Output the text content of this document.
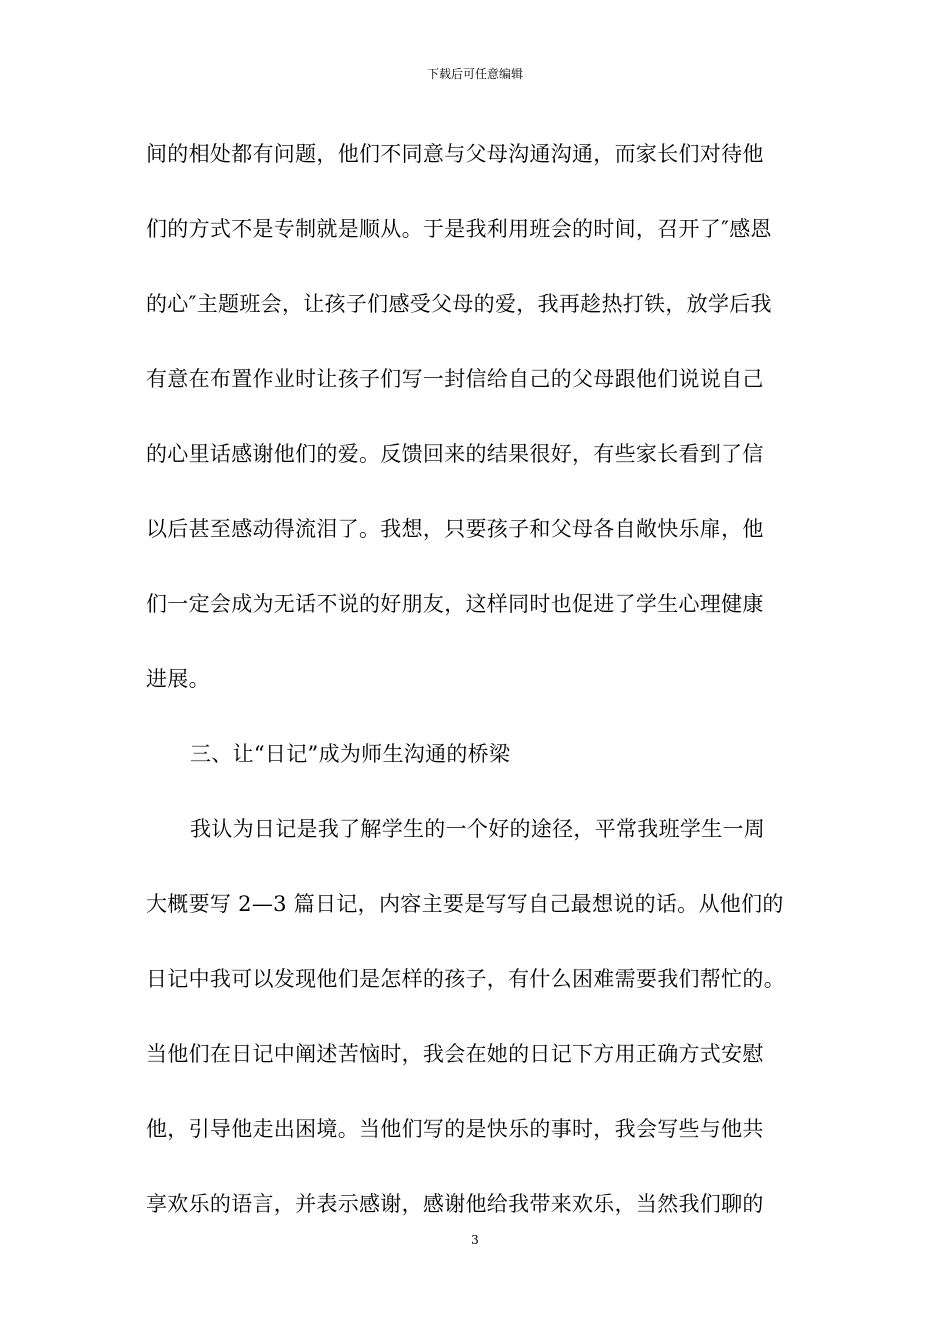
下载后可任意编辑
间的相处都有问题，他们不同意与父母沟通沟通，而家长们对待他
们的方式不是专制就是顺从。于是我利用班会的时间，召开了″感恩
的心″主题班会，让孩子们感受父母的爱，我再趁热打铁，放学后我
有意在布置作业时让孩子们写一封信给自己的父母跟他们说说自己
的心里话感谢他们的爱。反馈回来的结果很好，有些家长看到了信
以后甚至感动得流泪了。我想，只要孩子和父母各自敞快乐扉，他
们一定会成为无话不说的好朋友，这样同时也促进了学生心理健康
进展。
三、让“日记”成为师生沟通的桥梁
我认为日记是我了解学生的一个好的途径，平常我班学生一周
大概要写 2—3 篇日记，内容主要是写写自己最想说的话。从他们的
日记中我可以发现他们是怎样的孩子，有什么困难需要我们帮忙的。
当他们在日记中阐述苦恼时，我会在她的日记下方用正确方式安慰
他，引导他走出困境。当他们写的是快乐的事时，我会写些与他共
享欢乐的语言，并表示感谢，感谢他给我带来欢乐，当然我们聊的
3
